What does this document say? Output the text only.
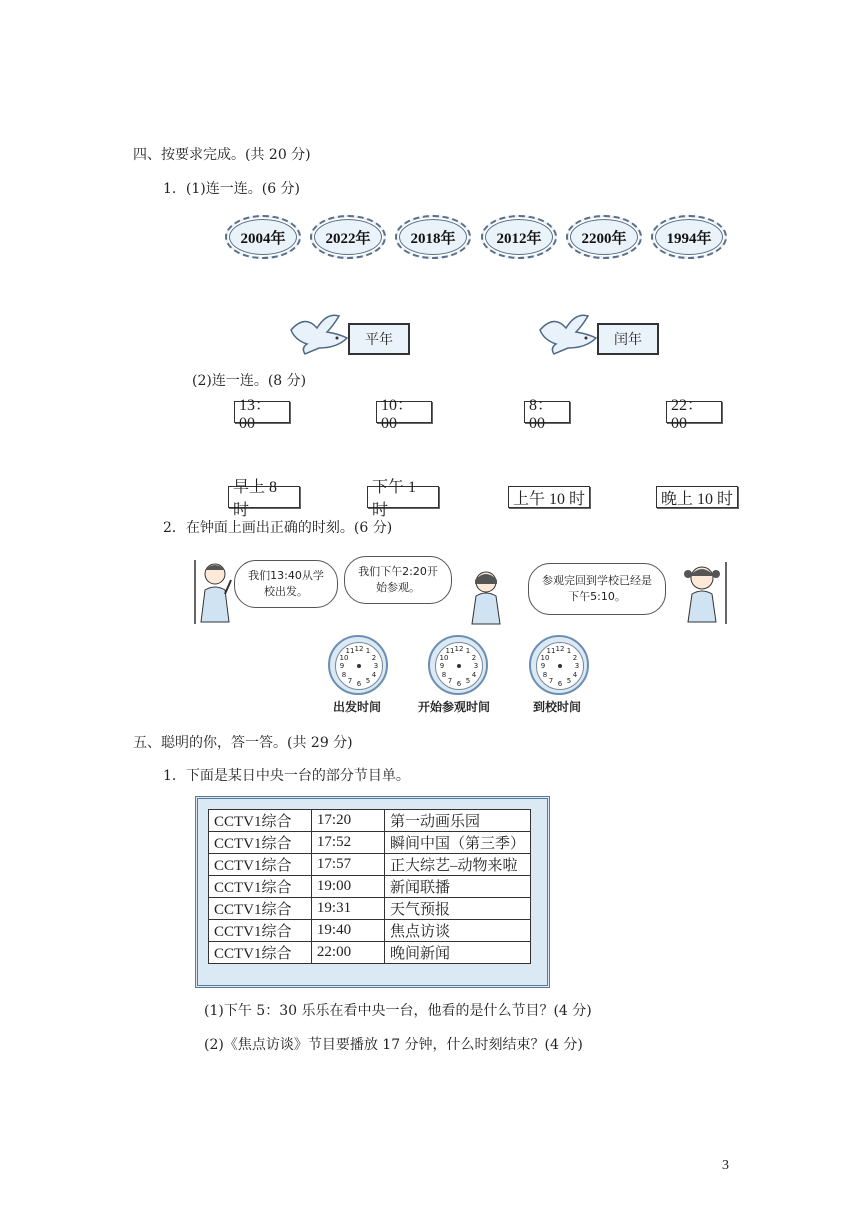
四、按要求完成。(共 20 分)
1．(1)连一连。(6 分)
2004年	2022年	2018年	2012年	2200年	1994年
平年	闰年
(2)连一连。(8 分)
13：00
10：00
8：00
22：00
早上 8 时
下午 1 时
上午 10 时	晚上 10 时
2．在钟面上画出正确的时刻。(6 分)
我们13:40从学校出发。
我们下午2:20开始参观。
参观完回到学校已经是下午5:10。
12 1
2
3
4
5
6
7
8
9
10
11	12 1
2
3
4
5
6
7
8
9
10
11	12 1
2
3
4
5
6
7
8
9
10
11
出发时间	开始参观时间	到校时间
五、聪明的你，答一答。(共 29 分)
1．下面是某日中央一台的部分节目单。
CCTV1综合	17:20	第一动画乐园
CCTV1综合	17:52	瞬间中国（第三季）
CCTV1综合	17:57	正大综艺–动物来啦
CCTV1综合	19:00	新闻联播
CCTV1综合	19:31	天气预报
CCTV1综合	19:40	焦点访谈
CCTV1综合	22:00	晚间新闻
(1)下午 5：30 乐乐在看中央一台，他看的是什么节目？(4 分)
(2)《焦点访谈》节目要播放 17 分钟，什么时刻结束？(4 分)
3
